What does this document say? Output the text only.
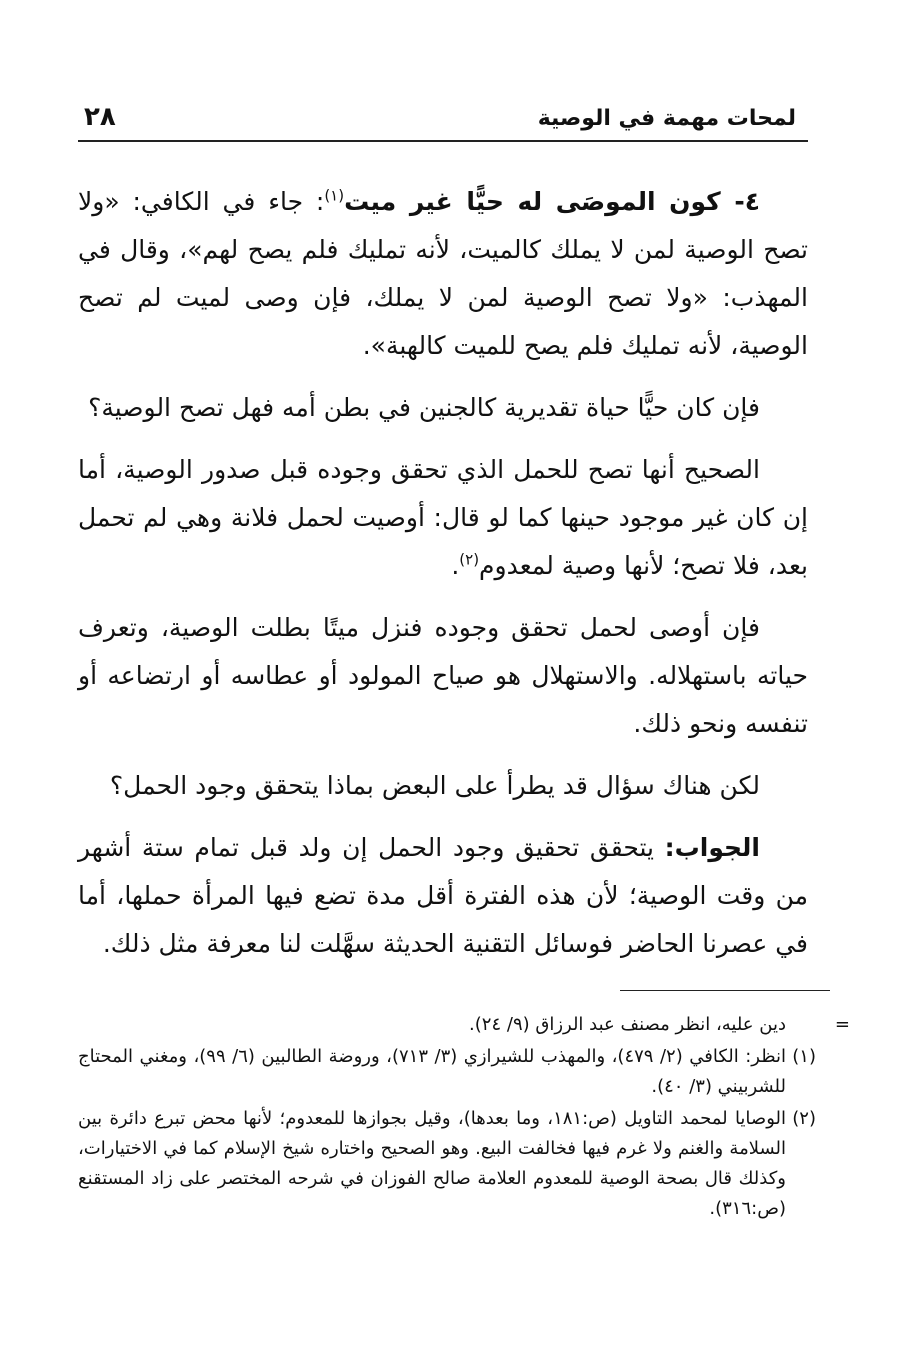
٢٨	لمحات مهمة في الوصية

٤- كون الموصَى له حيًّا غير ميت$^{(١)}$: جاء في الكافي: «ولا تصح الوصية لمن لا يملك كالميت، لأنه تمليك فلم يصح لهم»، وقال في المهذب: «ولا تصح الوصية لمن لا يملك، فإن وصى لميت لم تصح الوصية، لأنه تمليك فلم يصح للميت كالهبة».

فإن كان حيًّا حياة تقديرية كالجنين في بطن أمه فهل تصح الوصية؟

الصحيح أنها تصح للحمل الذي تحقق وجوده قبل صدور الوصية، أما إن كان غير موجود حينها كما لو قال: أوصيت لحمل فلانة وهي لم تحمل بعد، فلا تصح؛ لأنها وصية لمعدوم$^{(٢)}$.

فإن أوصى لحمل تحقق وجوده فنزل ميتًا بطلت الوصية، وتعرف حياته باستهلاله. والاستهلال هو صياح المولود أو عطاسه أو ارتضاعه أو تنفسه ونحو ذلك.

لكن هناك سؤال قد يطرأ على البعض بماذا يتحقق وجود الحمل؟

الجواب: يتحقق تحقيق وجود الحمل إن ولد قبل تمام ستة أشهر من وقت الوصية؛ لأن هذه الفترة أقل مدة تضع فيها المرأة حملها، أما في عصرنا الحاضر فوسائل التقنية الحديثة سهَّلت لنا معرفة مثل ذلك.

=
دين عليه، انظر مصنف عبد الرزاق (٩/ ٢٤).

(١)
انظر: الكافي (٢/ ٤٧٩)، والمهذب للشيرازي (٣/ ٧١٣)، وروضة الطالبين (٦/ ٩٩)، ومغني المحتاج للشربيني (٣/ ٤٠).

(٢)
الوصايا لمحمد التاويل (ص:١٨١، وما بعدها)، وقيل بجوازها للمعدوم؛ لأنها محض تبرع دائرة بين السلامة والغنم ولا غرم فيها فخالفت البيع. وهو الصحيح واختاره شيخ الإسلام كما في الاختيارات، وكذلك قال بصحة الوصية للمعدوم العلامة صالح الفوزان في شرحه المختصر على زاد المستقنع (ص:٣١٦).
